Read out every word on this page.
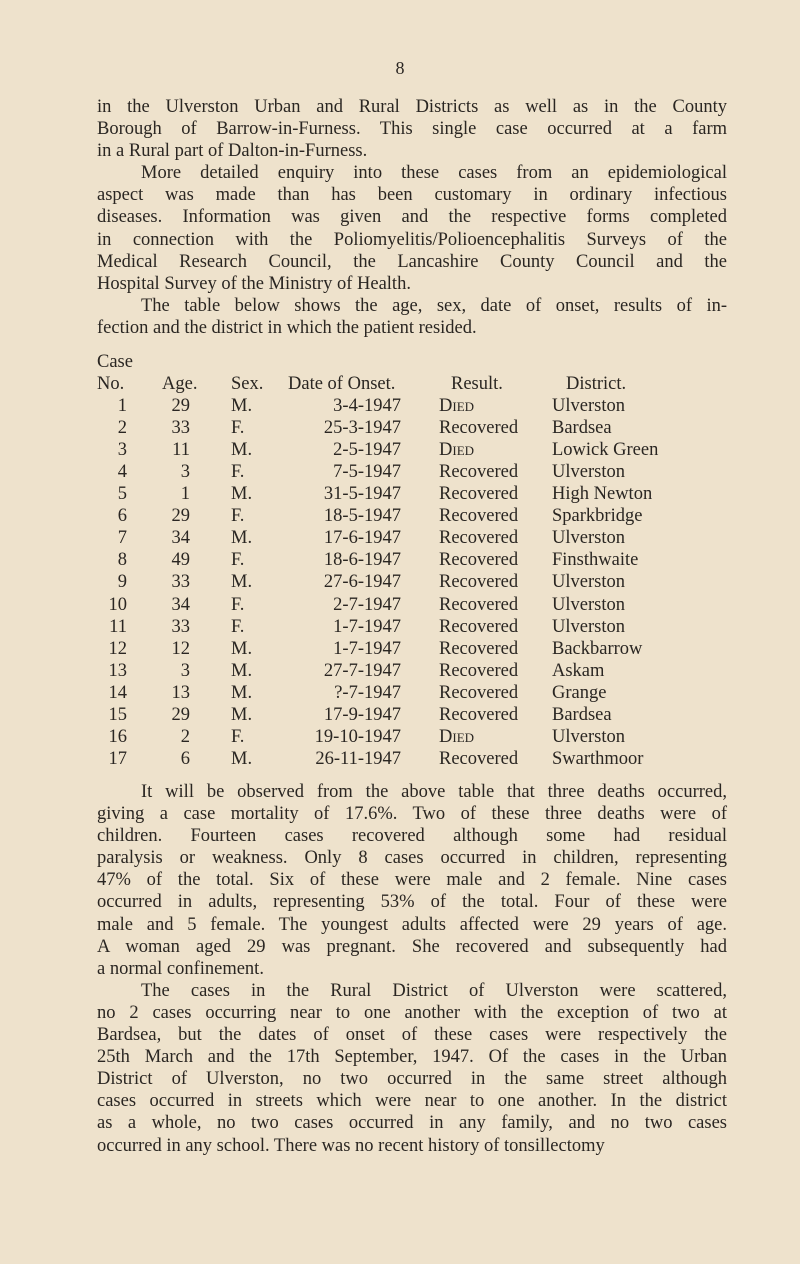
8
in the Ulverston Urban and Rural Districts as well as in the County
Borough of Barrow-in-Furness. This single case occurred at a farm
in a Rural part of Dalton-in-Furness.
More detailed enquiry into these cases from an epidemiological
aspect was made than has been customary in ordinary infectious
diseases. Information was given and the respective forms completed
in connection with the Poliomyelitis/Polioencephalitis Surveys of the
Medical Research Council, the Lancashire County Council and the
Hospital Survey of the Ministry of Health.
The table below shows the age, sex, date of onset, results of in-
fection and the district in which the patient resided.
Case
No. Age. Sex. Date of Onset.	Result.	District.
1 29 M.	3-4-1947 Died	Ulverston
2 33 F.	25-3-1947 Recovered Bardsea
3 11 M.	2-5-1947 Died	Lowick Green
4	3 F.	7-5-1947 Recovered Ulverston
5	1 M.	31-5-1947 Recovered High Newton
6 29 F.	18-5-1947 Recovered Sparkbridge
7 34 M.	17-6-1947 Recovered Ulverston
8 49 F.	18-6-1947 Recovered Finsthwaite
9 33 M.	27-6-1947 Recovered Ulverston
10 34 F.	2-7-1947 Recovered Ulverston
11 33 F.	1-7-1947 Recovered Ulverston
12 12 M.	1-7-1947 Recovered Backbarrow
13	3 M.	27-7-1947 Recovered Askam
14 13 M.	?-7-1947 Recovered Grange
15 29 M.	17-9-1947 Recovered Bardsea
16	2 F.	19-10-1947 Died	Ulverston
17	6 M.	26-11-1947 Recovered Swarthmoor
It will be observed from the above table that three deaths occurred,
giving a case mortality of 17.6%. Two of these three deaths were of
children. Fourteen cases recovered although some had residual
paralysis or weakness. Only 8 cases occurred in children, representing
47% of the total. Six of these were male and 2 female. Nine cases
occurred in adults, representing 53% of the total. Four of these were
male and 5 female. The youngest adults affected were 29 years of age.
A woman aged 29 was pregnant. She recovered and subsequently had
a normal confinement.
The cases in the Rural District of Ulverston were scattered,
no 2 cases occurring near to one another with the exception of two at
Bardsea, but the dates of onset of these cases were respectively the
25th March and the 17th September, 1947. Of the cases in the Urban
District of Ulverston, no two occurred in the same street although
cases occurred in streets which were near to one another. In the district
as a whole, no two cases occurred in any family, and no two cases
occurred in any school. There was no recent history of tonsillectomy
